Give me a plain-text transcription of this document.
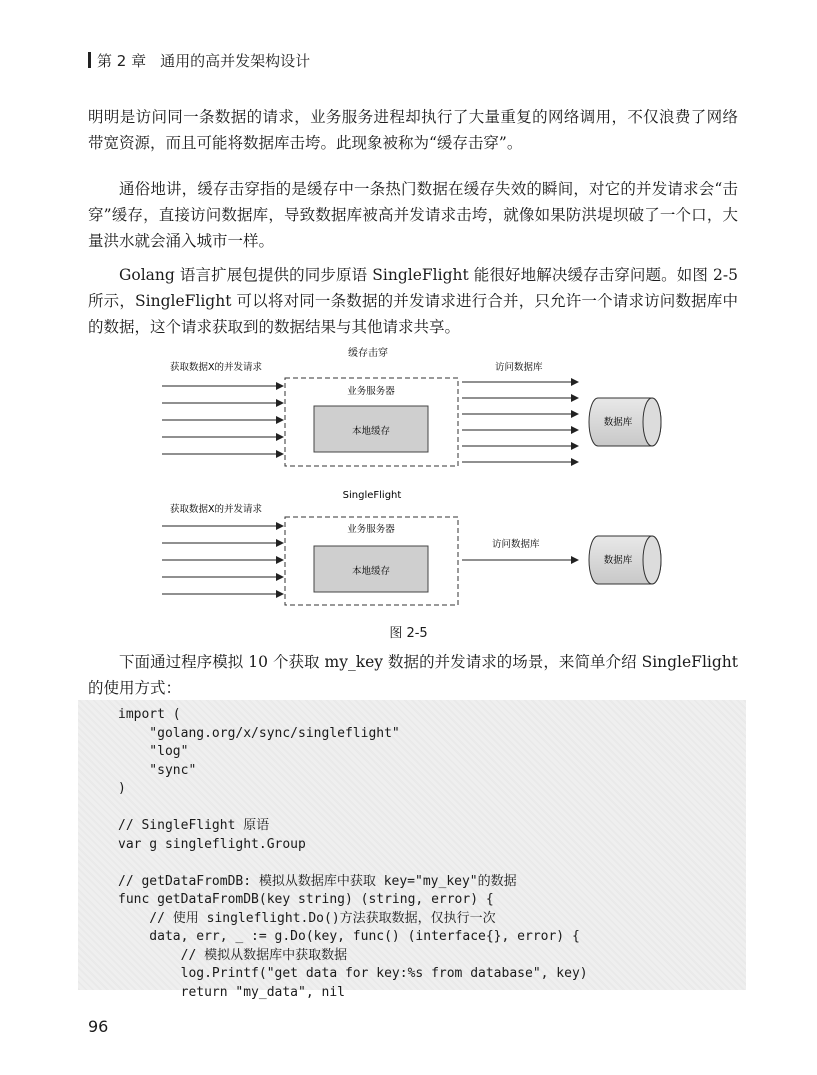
第 2 章 通用的高并发架构设计

明明是访问同一条数据的请求，业务服务进程却执行了大量重复的网络调用，不仅浪费了网络带宽资源，而且可能将数据库击垮。此现象被称为“缓存击穿”。

通俗地讲，缓存击穿指的是缓存中一条热门数据在缓存失效的瞬间，对它的并发请求会“击穿”缓存，直接访问数据库，导致数据库被高并发请求击垮，就像如果防洪堤坝破了一个口，大量洪水就会涌入城市一样。

Golang 语言扩展包提供的同步原语 SingleFlight 能很好地解决缓存击穿问题。如图 2-5 所示，SingleFlight 可以将对同一条数据的并发请求进行合并，只允许一个请求访问数据库中的数据，这个请求获取到的数据结果与其他请求共享。

缓存击穿
获取数据X的并发请求	访问数据库
业务服务器
本地缓存
数据库
SingleFlight
获取数据X的并发请求
业务服务器
本地缓存
访问数据库
数据库
图 2-5

下面通过程序模拟 10 个获取 my_key 数据的并发请求的场景，来简单介绍 SingleFlight 的使用方式：

import (
"golang.org/x/sync/singleflight"
"log"
"sync"
)
// SingleFlight 原语
var g singleflight.Group
// getDataFromDB: 模拟从数据库中获取 key="my_key"的数据
func getDataFromDB(key string) (string, error) {
// 使用 singleflight.Do()方法获取数据，仅执行一次
data, err, _ := g.Do(key, func() (interface{}, error) {
// 模拟从数据库中获取数据
log.Printf("get data for key:%s from database", key)
return "my_data", nil
96
